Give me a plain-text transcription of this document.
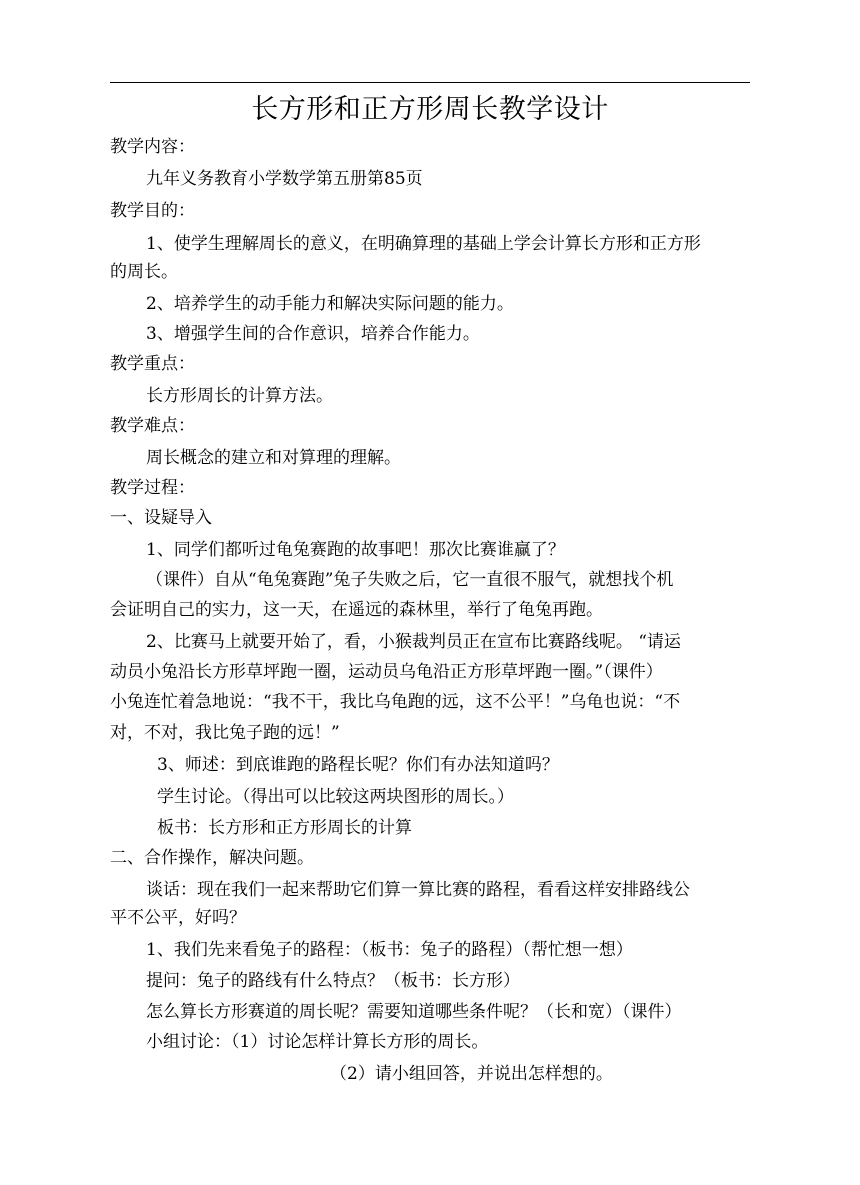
长方形和正方形周长教学设计
教学内容：
九年义务教育小学数学第五册第85页
教学目的：
1、使学生理解周长的意义，在明确算理的基础上学会计算长方形和正方形
的周长。
2、培养学生的动手能力和解决实际问题的能力。
3、增强学生间的合作意识，培养合作能力。
教学重点：
长方形周长的计算方法。
教学难点：
周长概念的建立和对算理的理解。
教学过程：
一、设疑导入
1、同学们都听过龟兔赛跑的故事吧！那次比赛谁赢了？
（课件）自从“龟兔赛跑”兔子失败之后，它一直很不服气，就想找个机
会证明自己的实力，这一天，在遥远的森林里，举行了龟兔再跑。
2、比赛马上就要开始了，看，小猴裁判员正在宣布比赛路线呢。 “请运
动员小兔沿长方形草坪跑一圈，运动员乌龟沿正方形草坪跑一圈。”（课件）
小兔连忙着急地说：“我不干，我比乌龟跑的远，这不公平！”乌龟也说：“不
对，不对，我比兔子跑的远！”
3、师述：到底谁跑的路程长呢？你们有办法知道吗？
学生讨论。（得出可以比较这两块图形的周长。）
板书：长方形和正方形周长的计算
二、合作操作，解决问题。
谈话：现在我们一起来帮助它们算一算比赛的路程，看看这样安排路线公
平不公平，好吗？
1、我们先来看兔子的路程：（板书：兔子的路程）（帮忙想一想）
提问：兔子的路线有什么特点？（板书：长方形）
怎么算长方形赛道的周长呢？需要知道哪些条件呢？（长和宽）（课件）
小组讨论：（1）讨论怎样计算长方形的周长。
（2）请小组回答，并说出怎样想的。
